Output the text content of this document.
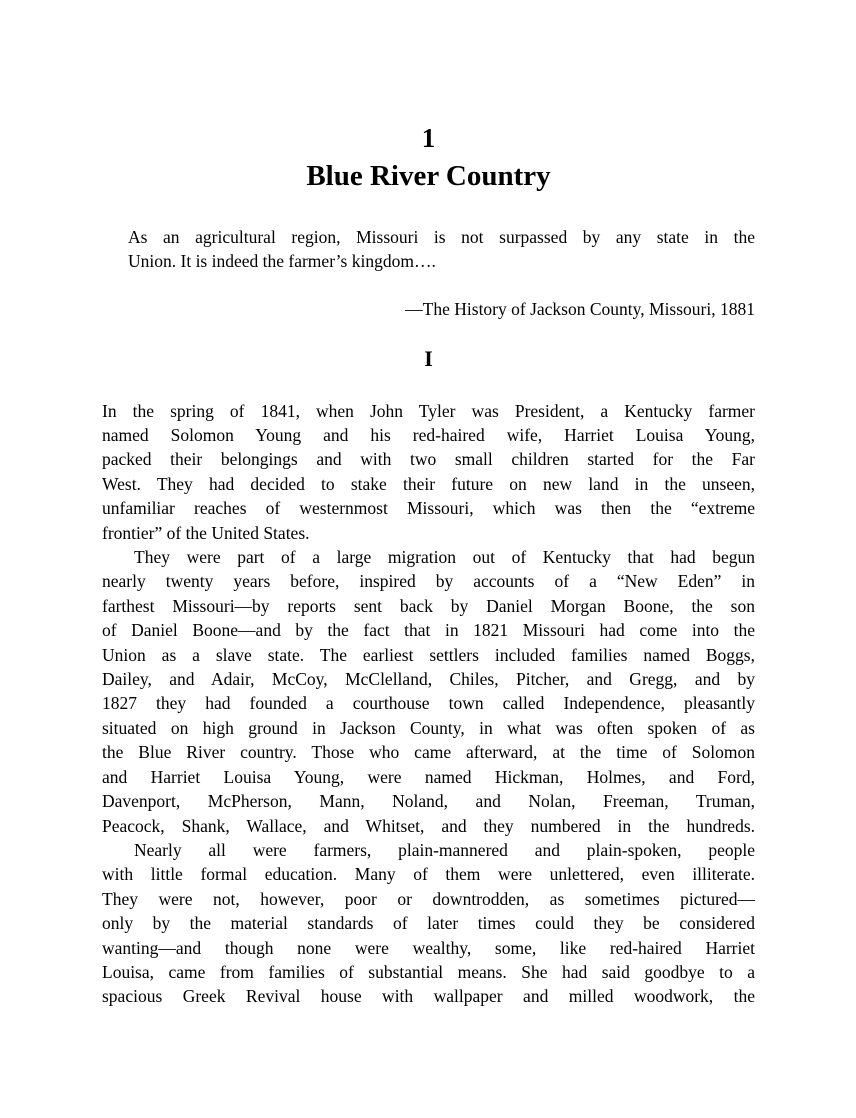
1
Blue River Country
As an agricultural region, Missouri is not surpassed by any state in the
Union. It is indeed the farmer’s kingdom….
—The History of Jackson County, Missouri, 1881
I
In the spring of 1841, when John Tyler was President, a Kentucky farmer
named Solomon Young and his red-haired wife, Harriet Louisa Young,
packed their belongings and with two small children started for the Far
West. They had decided to stake their future on new land in the unseen,
unfamiliar reaches of westernmost Missouri, which was then the “extreme
frontier” of the United States.
They were part of a large migration out of Kentucky that had begun
nearly twenty years before, inspired by accounts of a “New Eden” in
farthest Missouri—by reports sent back by Daniel Morgan Boone, the son
of Daniel Boone—and by the fact that in 1821 Missouri had come into the
Union as a slave state. The earliest settlers included families named Boggs,
Dailey, and Adair, McCoy, McClelland, Chiles, Pitcher, and Gregg, and by
1827 they had founded a courthouse town called Independence, pleasantly
situated on high ground in Jackson County, in what was often spoken of as
the Blue River country. Those who came afterward, at the time of Solomon
and Harriet Louisa Young, were named Hickman, Holmes, and Ford,
Davenport, McPherson, Mann, Noland, and Nolan, Freeman, Truman,
Peacock, Shank, Wallace, and Whitset, and they numbered in the hundreds.
Nearly all were farmers, plain-mannered and plain-spoken, people
with little formal education. Many of them were unlettered, even illiterate.
They were not, however, poor or downtrodden, as sometimes pictured—
only by the material standards of later times could they be considered
wanting—and though none were wealthy, some, like red-haired Harriet
Louisa, came from families of substantial means. She had said goodbye to a
spacious Greek Revival house with wallpaper and milled woodwork, the
